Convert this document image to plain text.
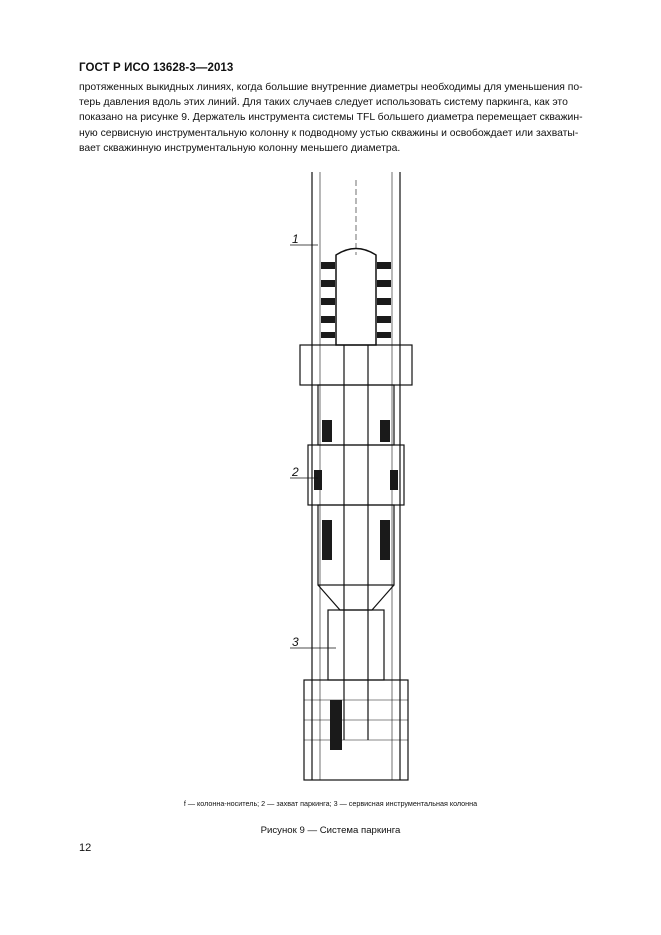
ГОСТ Р ИСО 13628-3—2013
протяженных выкидных линиях, когда большие внутренние диаметры необходимы для уменьшения по-
терь давления вдоль этих линий. Для таких случаев следует использовать систему паркинга, как это
показано на рисунке 9. Держатель инструмента системы TFL большего диаметра перемещает скважин-
ную сервисную инструментальную колонну к подводному устью скважины и освобождает или захваты-
вает скважинную инструментальную колонну меньшего диаметра.
1
2
3
f — колонна-носитель; 2 — захват паркинга; 3 — сервисная инструментальная колонна
Рисунок 9 — Система паркинга
12
